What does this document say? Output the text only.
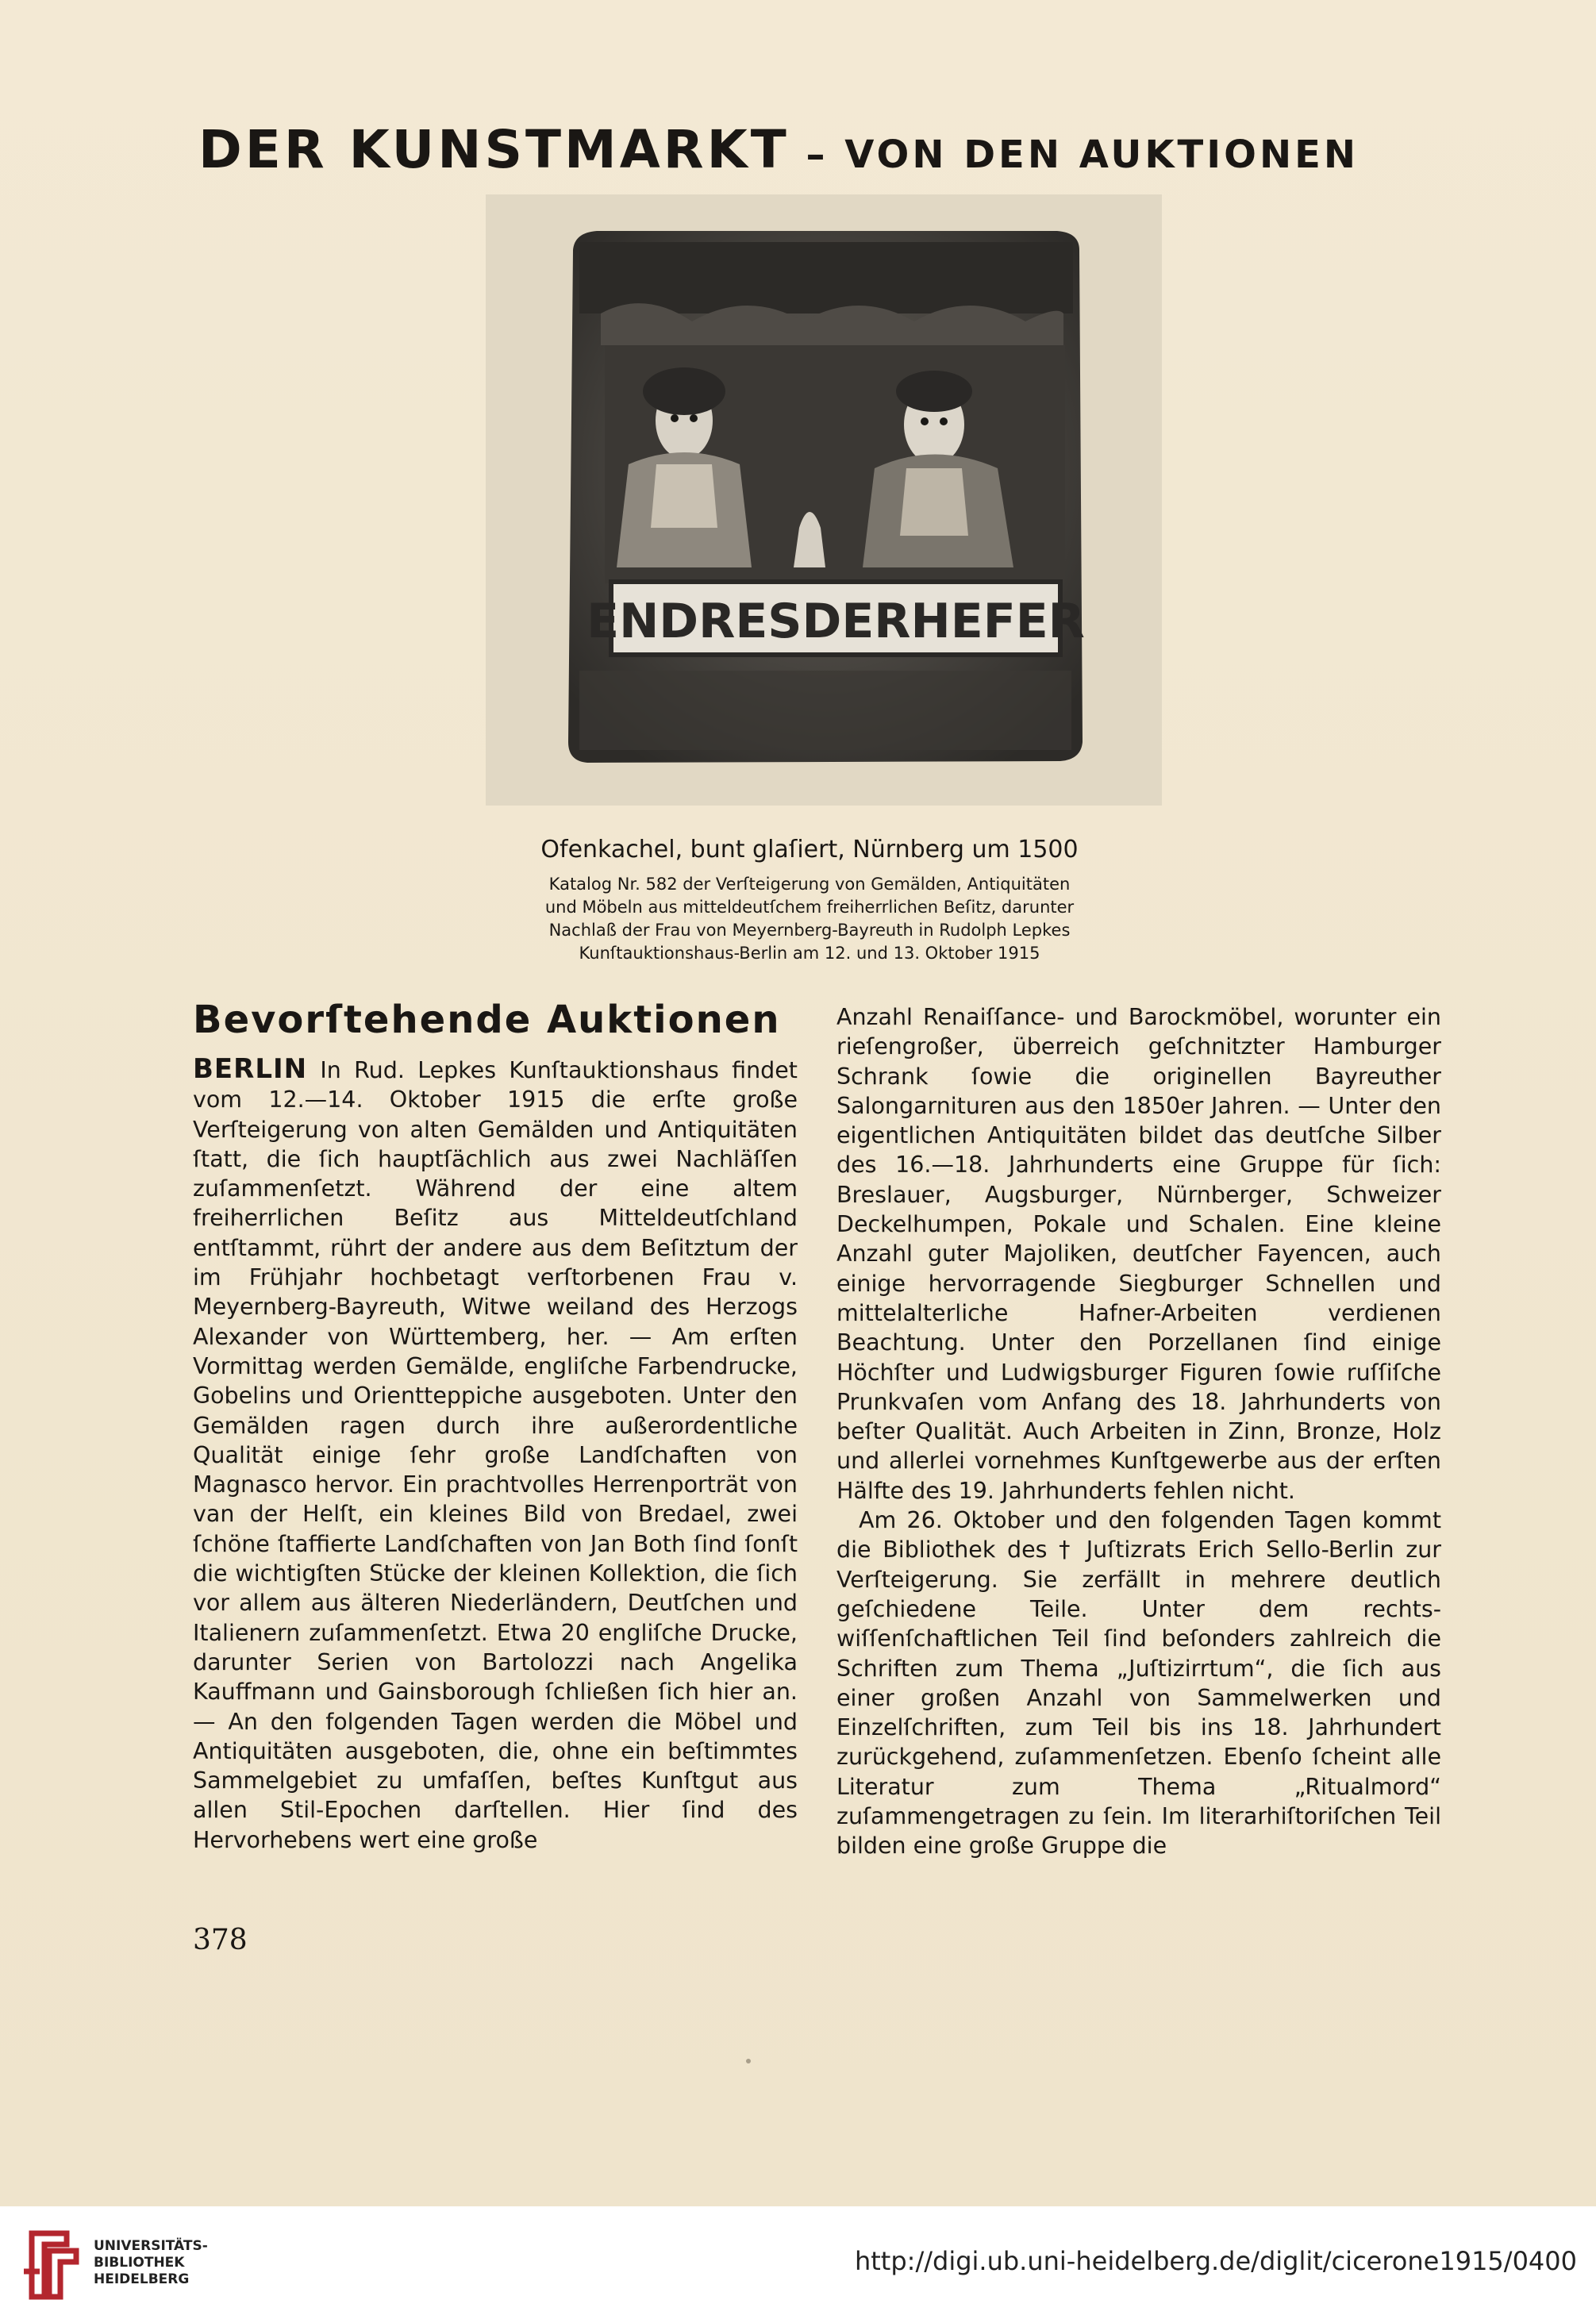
DER KUNSTMARKT – VON DEN AUKTIONEN
ENDRESDERHEFER
Ofenkachel, bunt glaſiert, Nürnberg um 1500
Katalog Nr. 582 der Verſteigerung von Gemälden, Antiquitäten
und Möbeln aus mitteldeutſchem freiherrlichen Beſitz, darunter
Nachlaß der Frau von Meyernberg-Bayreuth in Rudolph Lepkes
Kunſtauktionshaus-Berlin am 12. und 13. Oktober 1915
Bevorſtehende Auktionen

BERLIN In Rud. Lepkes Kunſtauktionshaus findet vom 12.—14. Oktober 1915 die erſte große Verſteigerung von alten Gemälden und Antiquitäten ſtatt, die ſich hauptſächlich aus zwei Nachläſſen zuſammenſetzt. Während der eine altem freiherrlichen Beſitz aus Mitteldeutſchland entſtammt, rührt der andere aus dem Beſitztum der im Frühjahr hochbetagt verſtorbenen Frau v. Meyernberg-Bayreuth, Witwe weiland des Herzogs Alexander von Württemberg, her. — Am erſten Vormittag werden Gemälde, engliſche Farbendrucke, Gobelins und Orientteppiche ausgeboten. Unter den Gemälden ragen durch ihre außerordentliche Qualität einige ſehr große Landſchaften von Magnasco hervor. Ein prachtvolles Herrenporträt von van der Helſt, ein kleines Bild von Bredael, zwei ſchöne ſtaffierte Landſchaften von Jan Both ſind ſonſt die wichtigſten Stücke der kleinen Kollektion, die ſich vor allem aus älteren Niederländern, Deutſchen und Italienern zuſammenſetzt. Etwa 20 engliſche Drucke, darunter Serien von Bartolozzi nach Angelika Kauffmann und Gainsborough ſchließen ſich hier an. — An den folgenden Tagen werden die Möbel und Antiquitäten ausgeboten, die, ohne ein beſtimmtes Sammelgebiet zu umfaſſen, beſtes Kunſtgut aus allen Stil-Epochen darſtellen. Hier ſind des Hervorhebens wert eine große

Anzahl Renaiſſance- und Barockmöbel, worunter ein rieſengroßer, überreich geſchnitzter Hamburger Schrank ſowie die originellen Bayreuther Salongarnituren aus den 1850er Jahren. — Unter den eigentlichen Antiquitäten bildet das deutſche Silber des 16.—18. Jahrhunderts eine Gruppe für ſich: Breslauer, Augsburger, Nürnberger, Schweizer Deckelhumpen, Pokale und Schalen. Eine kleine Anzahl guter Majoliken, deutſcher Fayencen, auch einige hervorragende Siegburger Schnellen und mittelalterliche Hafner-Arbeiten verdienen Beachtung. Unter den Porzellanen ſind einige Höchſter und Ludwigsburger Figuren ſowie ruſſiſche Prunkvaſen vom Anfang des 18. Jahrhunderts von beſter Qualität. Auch Arbeiten in Zinn, Bronze, Holz und allerlei vornehmes Kunſtgewerbe aus der erſten Hälfte des 19. Jahrhunderts fehlen nicht.

Am 26. Oktober und den folgenden Tagen kommt die Bibliothek des † Juſtizrats Erich Sello-Berlin zur Verſteigerung. Sie zerfällt in mehrere deutlich geſchiedene Teile. Unter dem rechtswiſſenſchaftlichen Teil ſind beſonders zahlreich die Schriften zum Thema „Juſtizirrtum“, die ſich aus einer großen Anzahl von Sammelwerken und Einzelſchriften, zum Teil bis ins 18. Jahrhundert zurückgehend, zuſammenſetzen. Ebenſo ſcheint alle Literatur zum Thema „Ritualmord“ zuſammengetragen zu ſein. Im literarhiſtoriſchen Teil bilden eine große Gruppe die

378
UNIVERSITÄTS-
BIBLIOTHEK
HEIDELBERG
http://digi.ub.uni-heidelberg.de/diglit/cicerone1915/0400
